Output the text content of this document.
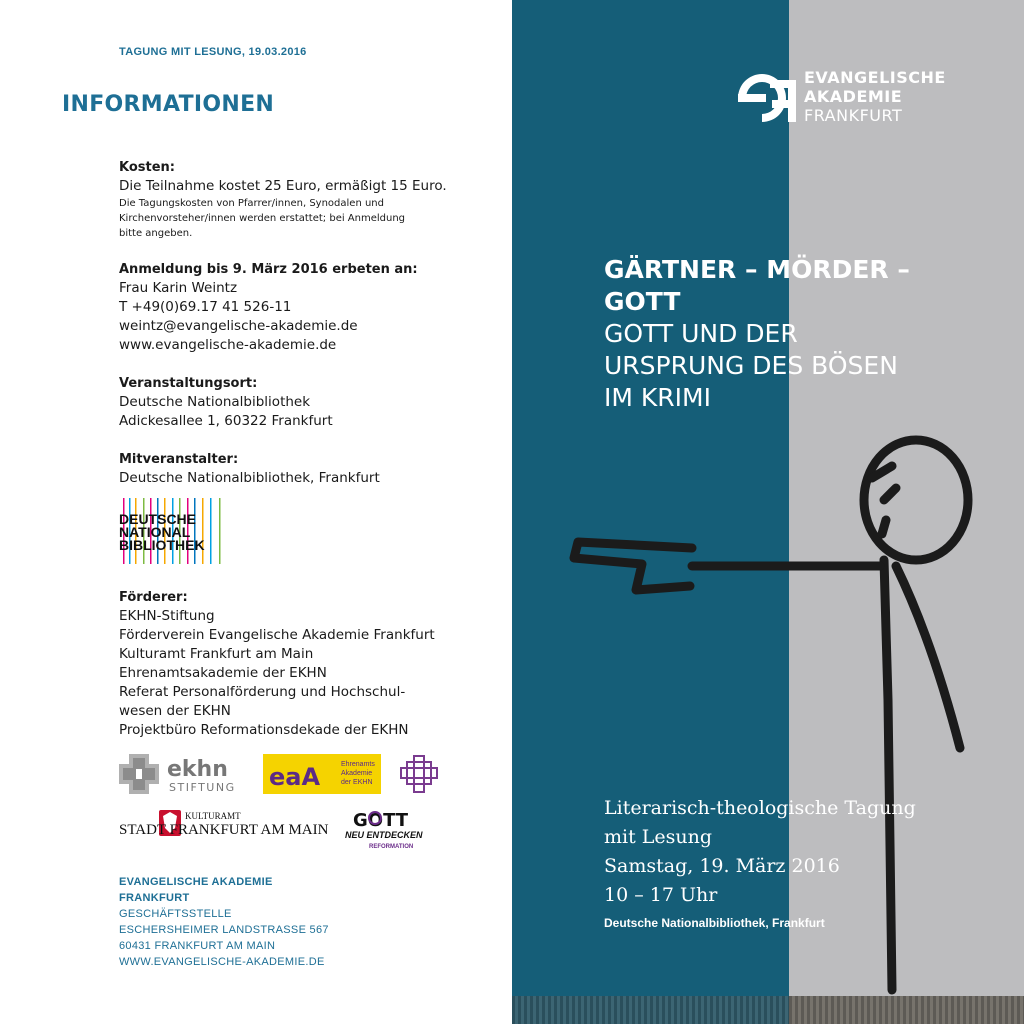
TAGUNG MIT LESUNG, 19.03.2016
INFORMATIONEN
Kosten:
Die Teilnahme kostet 25 Euro, ermäßigt 15 Euro.
Die Tagungskosten von Pfarrer/innen, Synodalen und
Kirchenvorsteher/innen werden erstattet; bei Anmeldung
bitte angeben.
Anmeldung bis 9. März 2016 erbeten an:
Frau Karin Weintz
T +49(0)69.17 41 526-11
weintz@evangelische-akademie.de
www.evangelische-akademie.de
Veranstaltungsort:
Deutsche Nationalbibliothek
Adickesallee 1, 60322 Frankfurt
Mitveranstalter:
Deutsche Nationalbibliothek, Frankfurt
DEUTSCHE
NATIONAL
BIBLIOTHEK
Förderer:
EKHN-Stiftung
Förderverein Evangelische Akademie Frankfurt
Kulturamt Frankfurt am Main
Ehrenamtsakademie der EKHN
Referat Personalförderung und Hochschul-
wesen der EKHN
Projektbüro Reformationsdekade der EKHN
ekhn
STIFTUNG eaA	Ehrenamts
Akademie
der EKHN
KULTURAMT
STADT FRANKFURT AM MAIN GOTT
NEU ENTDECKEN
REFORMATION
EVANGELISCHE AKADEMIE
FRANKFURT
GESCHÄFTSSTELLE
ESCHERSHEIMER LANDSTRASSE 567
60431 FRANKFURT AM MAIN
WWW.EVANGELISCHE-AKADEMIE.DE
EVANGELISCHE
AKADEMIE
FRANKFURT
GÄRTNER – MÖRDER –
GOTT
GOTT UND DER
URSPRUNG DES BÖSEN
IM KRIMI
Literarisch-theologische Tagung
mit Lesung
Samstag, 19. März 2016
10 – 17 Uhr
Deutsche Nationalbibliothek, Frankfurt
